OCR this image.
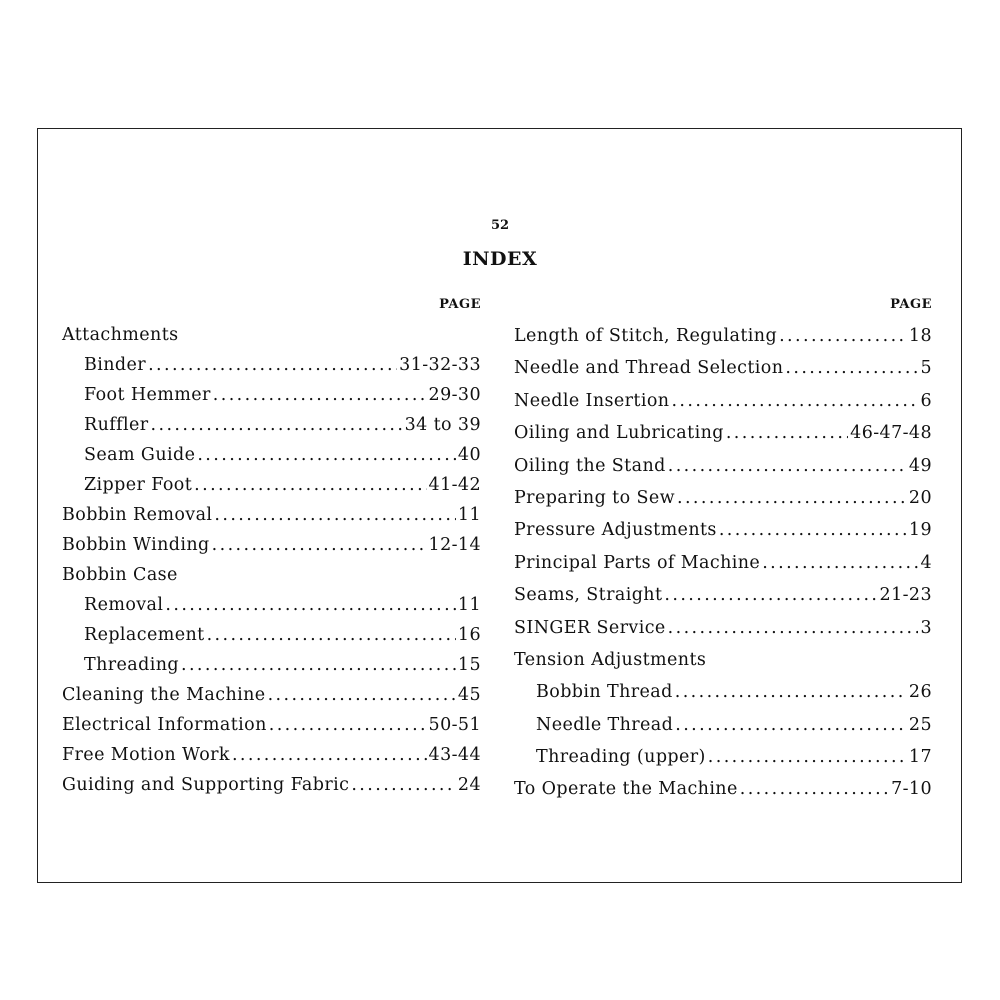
52
INDEX
PAGE
Attachments
Binder .....	31-32-33
Foot Hemmer .....	29-30
Ruffler .....	34 to 39
Seam Guide .....	40
Zipper Foot .....	41-42
Bobbin Removal .....	11
Bobbin Winding .....	12-14
Bobbin Case
Removal .....	11
Replacement .....	16
Threading .....	15
Cleaning the Machine .....	45
Electrical Information .....	50-51
Free Motion Work .....	43-44
Guiding and Supporting Fabric .....	24
PAGE
Length of Stitch, Regulating .....	18
Needle and Thread Selection .....	5
Needle Insertion .....	6
Oiling and Lubricating .....	46-47-48
Oiling the Stand .....	49
Preparing to Sew .....	20
Pressure Adjustments .....	19
Principal Parts of Machine .....	4
Seams, Straight .....	21-23
SINGER Service .....	3
Tension Adjustments
Bobbin Thread .....	26
Needle Thread .....	25
Threading (upper) .....	17
To Operate the Machine .....	7-10
